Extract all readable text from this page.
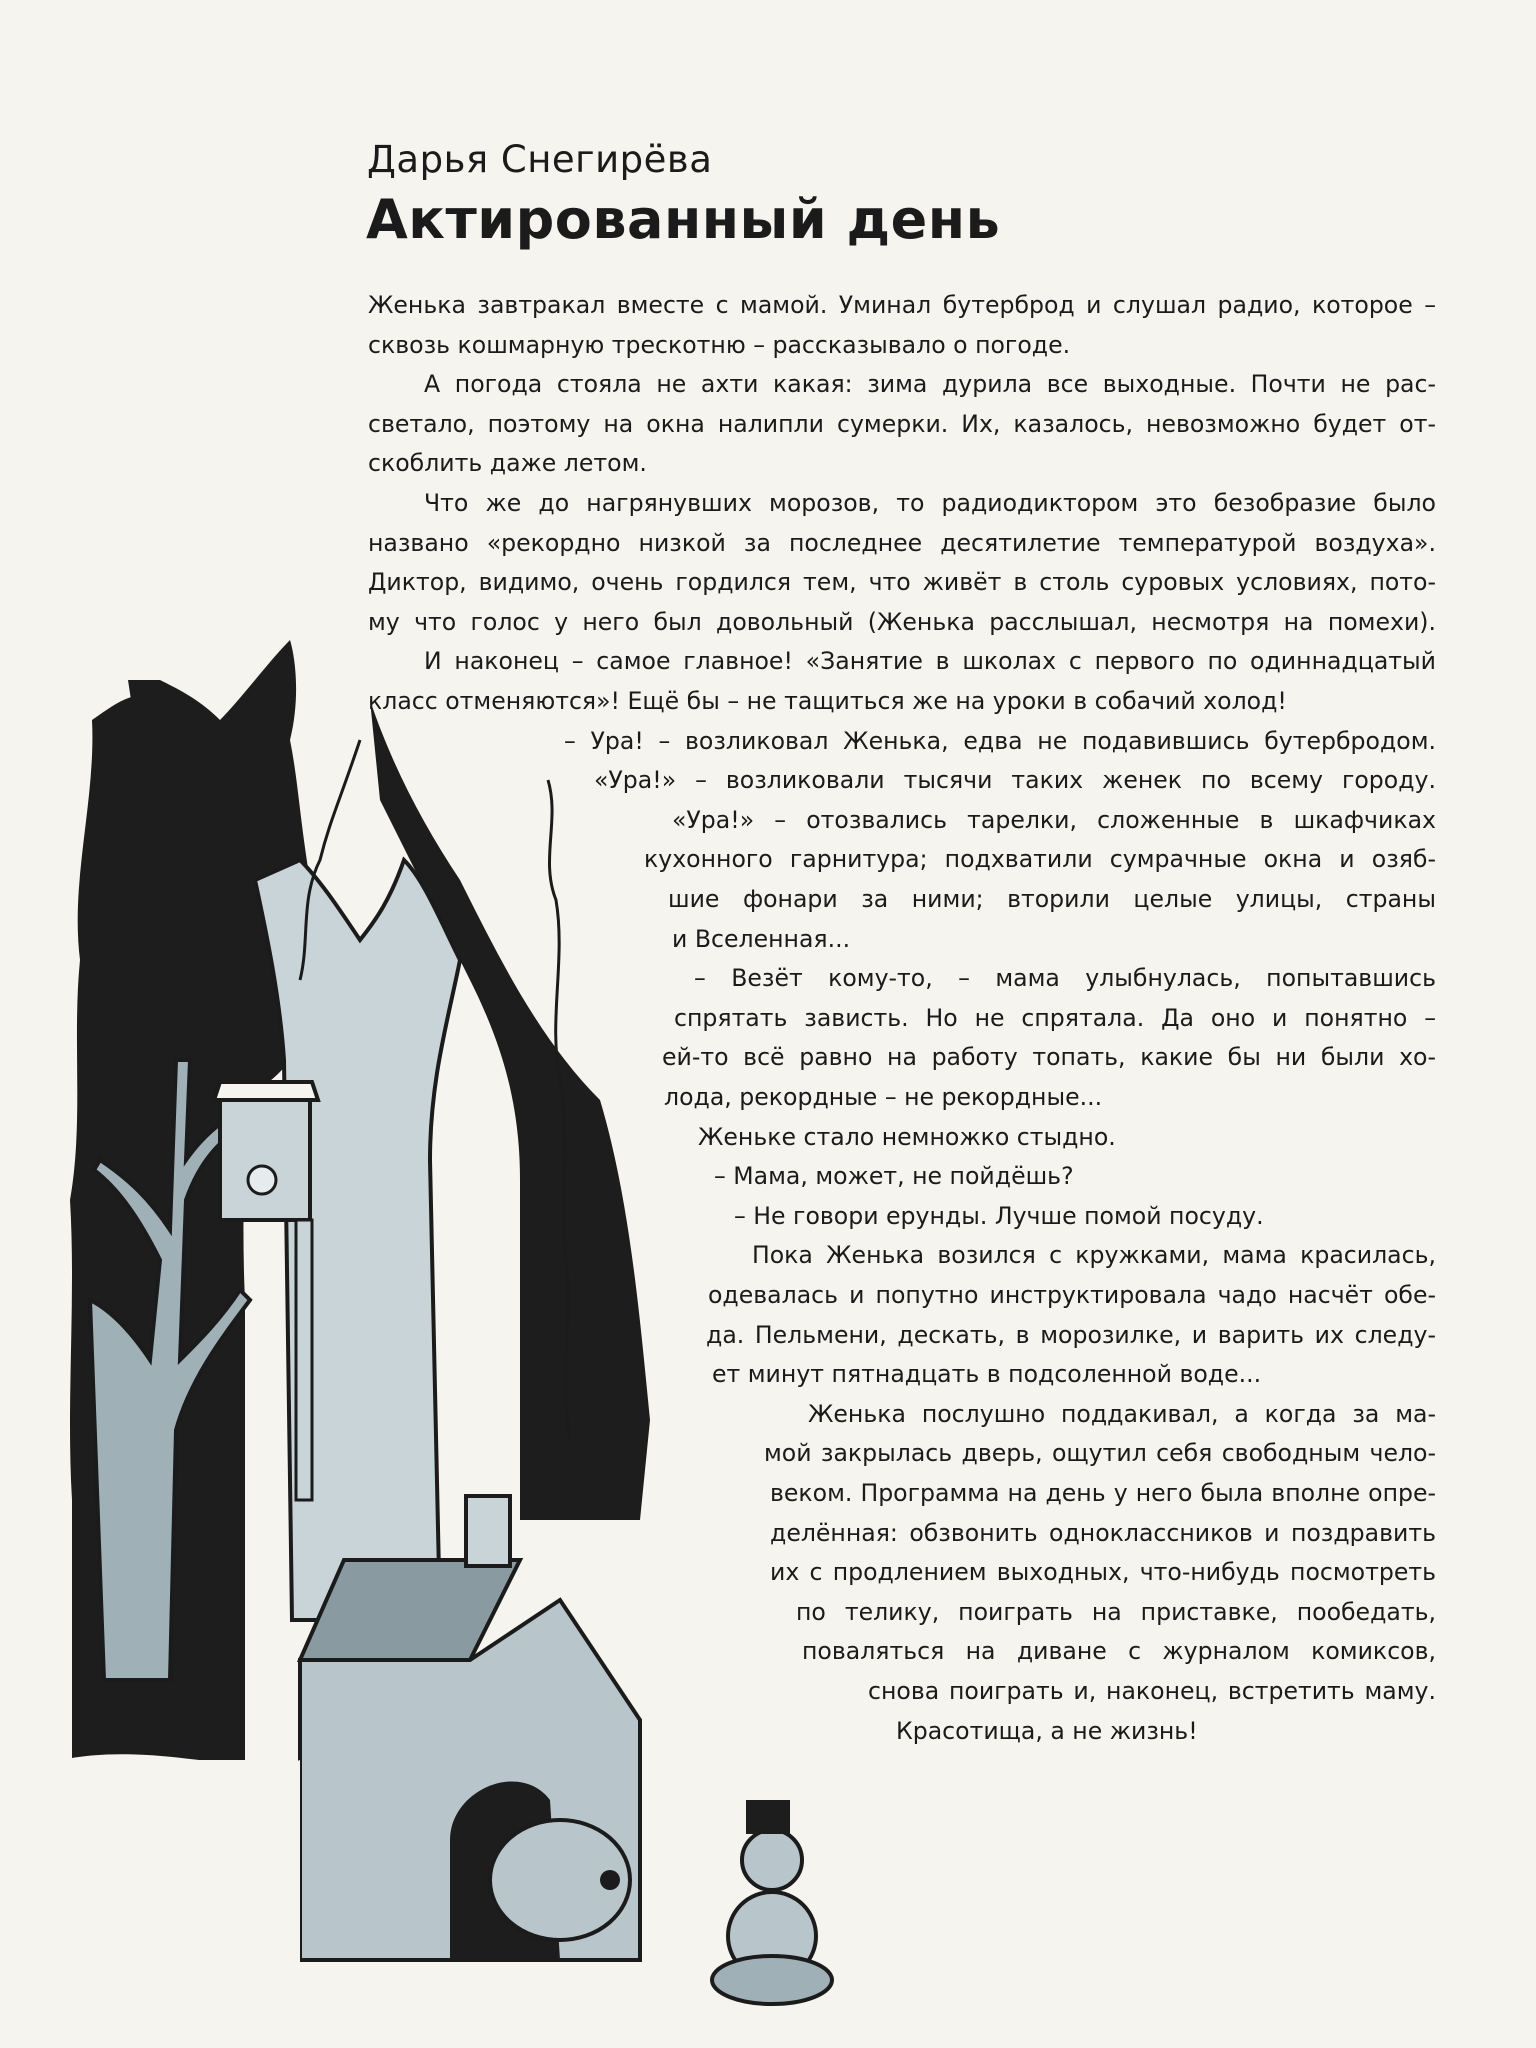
Дарья Снегирёва
Актированный день
Женька завтракал вместе с мамой. Уминал бутерброд и слушал радио, которое –
сквозь кошмарную трескотню – рассказывало о погоде.
А погода стояла не ахти какая: зима дурила все выходные. Почти не рас-
светало, поэтому на окна налипли сумерки. Их, казалось, невозможно будет от-
скоблить даже летом.
Что же до нагрянувших морозов, то радиодиктором это безобразие было
названо «рекордно низкой за последнее десятилетие температурой воздуха».
Диктор, видимо, очень гордился тем, что живёт в столь суровых условиях, пото-
му что голос у него был довольный (Женька расслышал, несмотря на помехи).
И наконец – самое главное! «Занятие в школах с первого по одиннадцатый
класс отменяются»! Ещё бы – не тащиться же на уроки в собачий холод!
– Ура! – возликовал Женька, едва не подавившись бутербродом.
«Ура!» – возликовали тысячи таких женек по всему городу.
«Ура!» – отозвались тарелки, сложенные в шкафчиках
кухонного гарнитура; подхватили сумрачные окна и озяб-
шие фонари за ними; вторили целые улицы, страны
и Вселенная...
– Везёт кому-то, – мама улыбнулась, попытавшись
спрятать зависть. Но не спрятала. Да оно и понятно –
ей-то всё равно на работу топать, какие бы ни были хо-
лода, рекордные – не рекордные...
Женьке стало немножко стыдно.
– Мама, может, не пойдёшь?
– Не говори ерунды. Лучше помой посуду.
Пока Женька возился с кружками, мама красилась,
одевалась и попутно инструктировала чадо насчёт обе-
да. Пельмени, дескать, в морозилке, и варить их следу-
ет минут пятнадцать в подсоленной воде...
Женька послушно поддакивал, а когда за ма-
мой закрылась дверь, ощутил себя свободным чело-
веком. Программа на день у него была вполне опре-
делённая: обзвонить одноклассников и поздравить
их с продлением выходных, что-нибудь посмотреть
по телику, поиграть на приставке, пообедать,
поваляться на диване с журналом комиксов,
снова поиграть и, наконец, встретить маму.
Красотища, а не жизнь!
